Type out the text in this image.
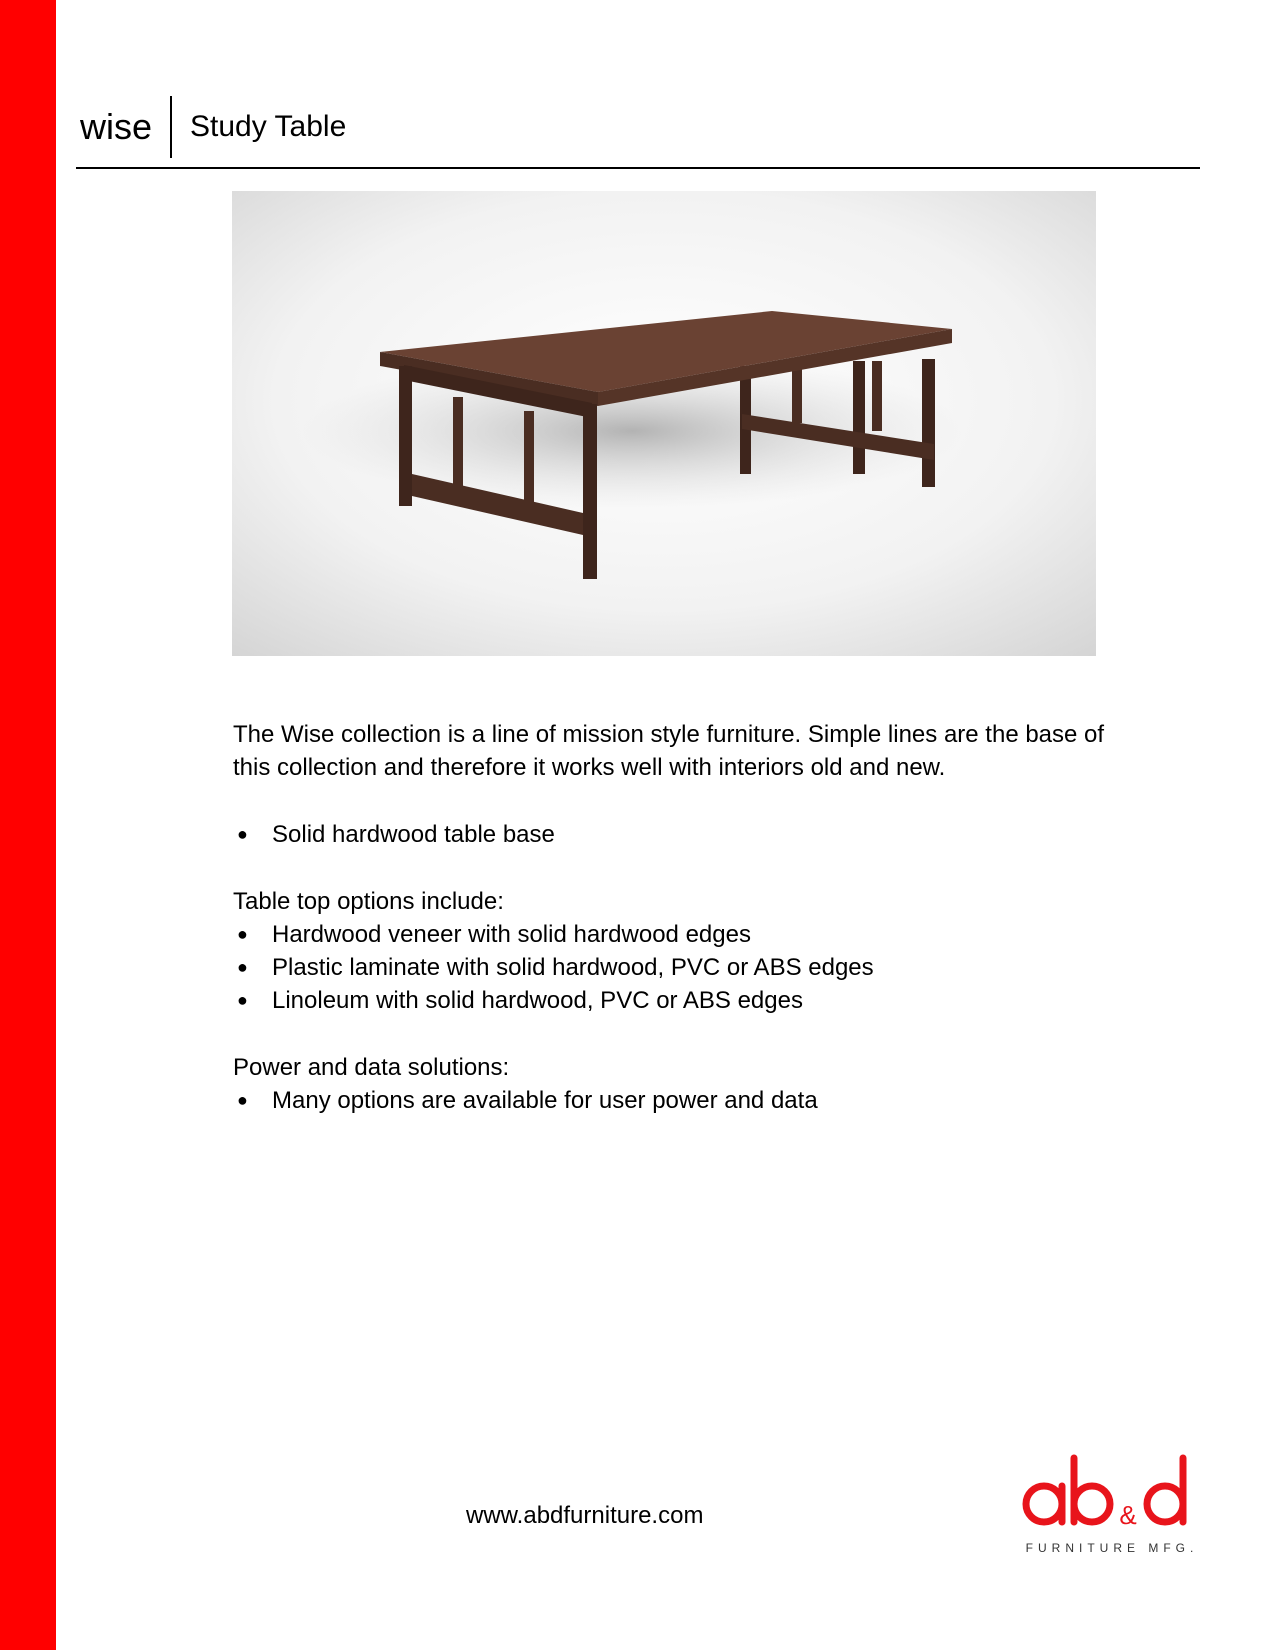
wise	Study Table

The Wise collection is a line of mission style furniture. Simple lines are the base of this collection and therefore it works well with interiors old and new.

● Solid hardwood table base

Table top options include:

● Hardwood veneer with solid hardwood edges
● Plastic laminate with solid hardwood, PVC or ABS edges
● Linoleum with solid hardwood, PVC or ABS edges

Power and data solutions:

● Many options are available for user power and data
www.abdfurniture.com	&
FURNITURE MFG.
